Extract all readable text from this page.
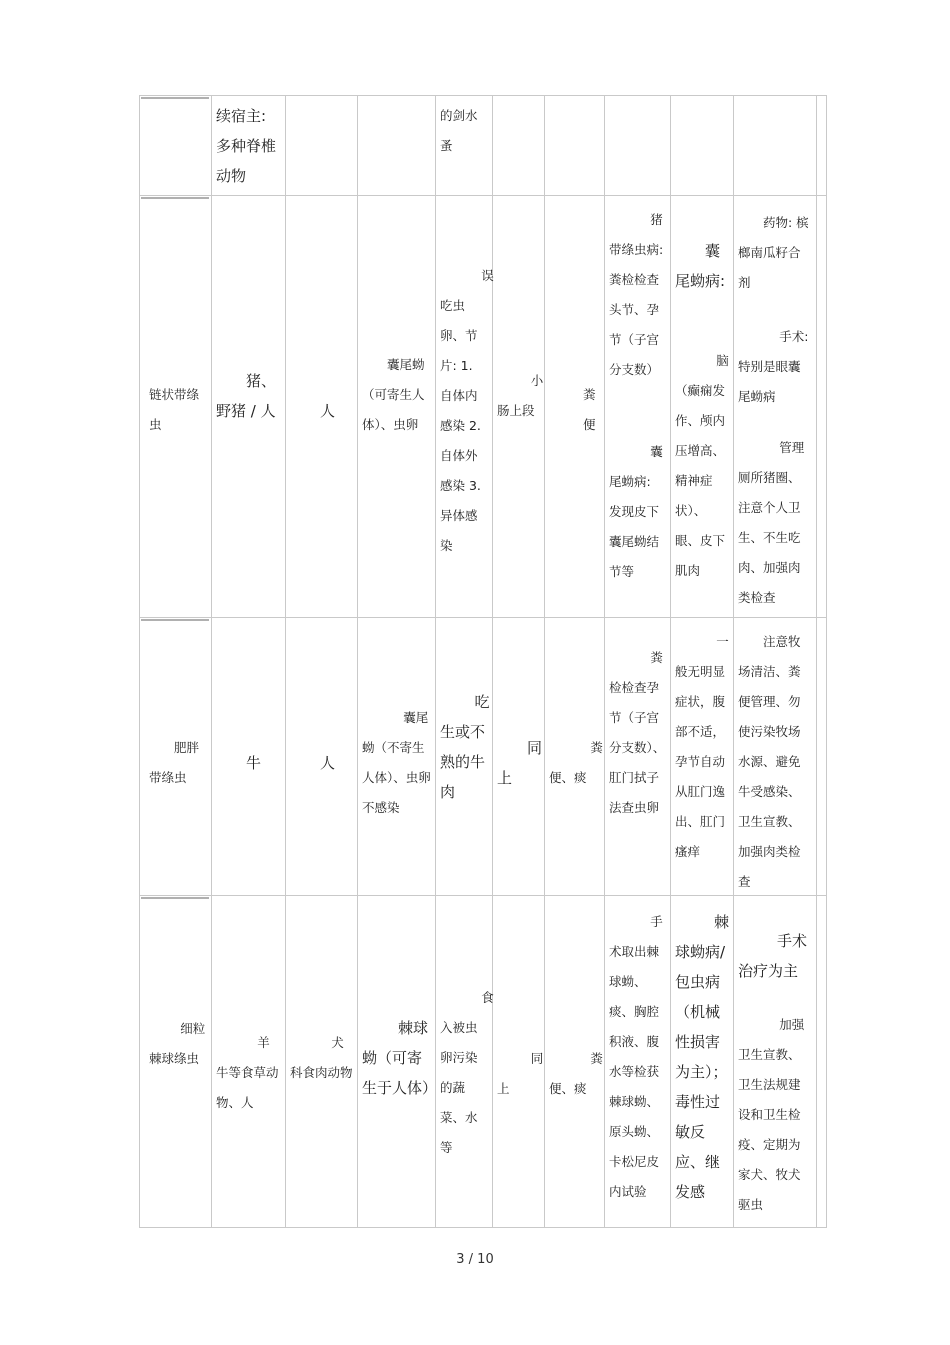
续宿主:多种脊椎动物
的剑水蚤
链状带绦虫
猪、野猪 / 人	人
囊尾蚴（可寄生人体）、虫卵
误吃虫卵、节片: 1. 自体内感染 2. 自体外感染 3. 异体感染
小肠上段
粪便
猪带绦虫病: 粪检检查头节、孕节（子宫分支数）
囊尾蚴病: 发现皮下囊尾蚴结节等
囊尾蚴病:
脑（癫痫发作、颅内压增高、精神症状）、眼、皮下肌肉
药物: 槟榔南瓜籽合剂
手术: 特别是眼囊尾蚴病
管理厕所猪圈、注意个人卫生、不生吃肉、加强肉类检查
肥胖带绦虫
牛	人
囊尾蚴（不寄生人体）、虫卵不感染
吃生或不熟的牛肉
同上
粪便、痰
粪检检查孕节（子宫分支数）、肛门拭子法查虫卵
一般无明显症状，腹部不适，孕节自动从肛门逸出、肛门瘙痒
注意牧场清洁、粪便管理、勿使污染牧场水源、避免牛受感染、卫生宣教、加强肉类检查
细粒棘球绦虫
羊牛等食草动物、人
犬科食肉动物
棘球蚴（可寄生于人体）
食入被虫卵污染的蔬菜、水等
同上
粪便、痰
手术取出棘球蚴、痰、胸腔积液、腹水等检获棘球蚴、原头蚴、卡松尼皮内试验
棘球蚴病/包虫病（机械性损害为主）；毒性过敏反应、继发感
手术治疗为主
加强卫生宣教、卫生法规建设和卫生检疫、定期为家犬、牧犬驱虫
3 / 10
